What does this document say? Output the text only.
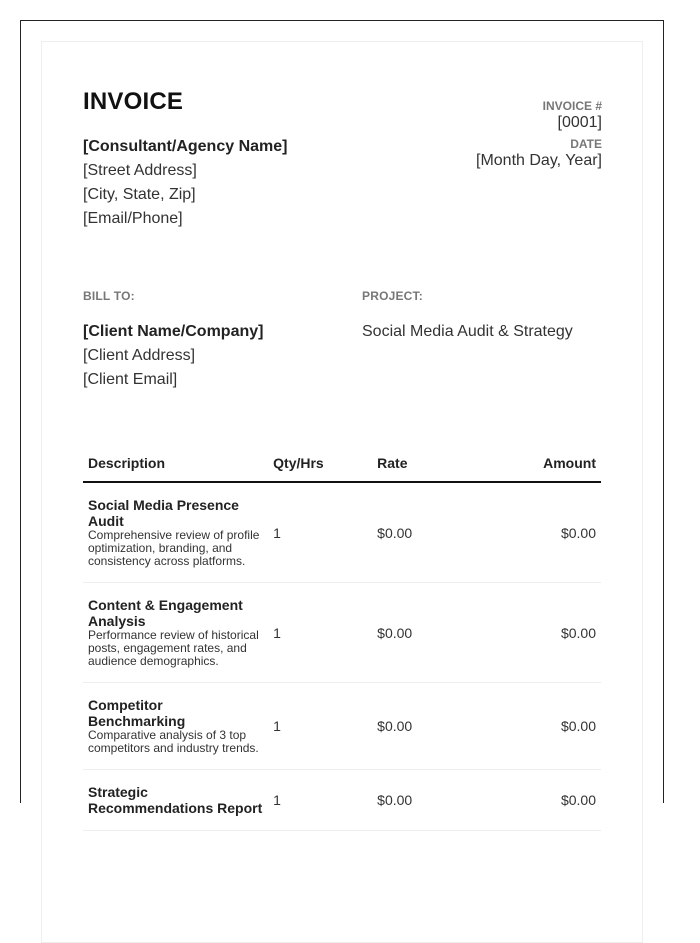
INVOICE
[Consultant/Agency Name]
[Street Address]
[City, State, Zip]
[Email/Phone]
INVOICE #
[0001]
DATE
[Month Day, Year]
BILL TO:	PROJECT:
[Client Name/Company]
[Client Address]
[Client Email]
Social Media Audit & Strategy
Description	Qty/Hrs	Rate	Amount

Social Media Presence Audit
Comprehensive review of profile optimization, branding, and consistency across platforms.	1	$0.00	$0.00

Content & Engagement Analysis
Performance review of historical posts, engagement rates, and audience demographics.	1	$0.00	$0.00

Competitor Benchmarking
Comparative analysis of 3 top competitors and industry trends.	1	$0.00	$0.00

Strategic Recommendations Report	1	$0.00	$0.00
